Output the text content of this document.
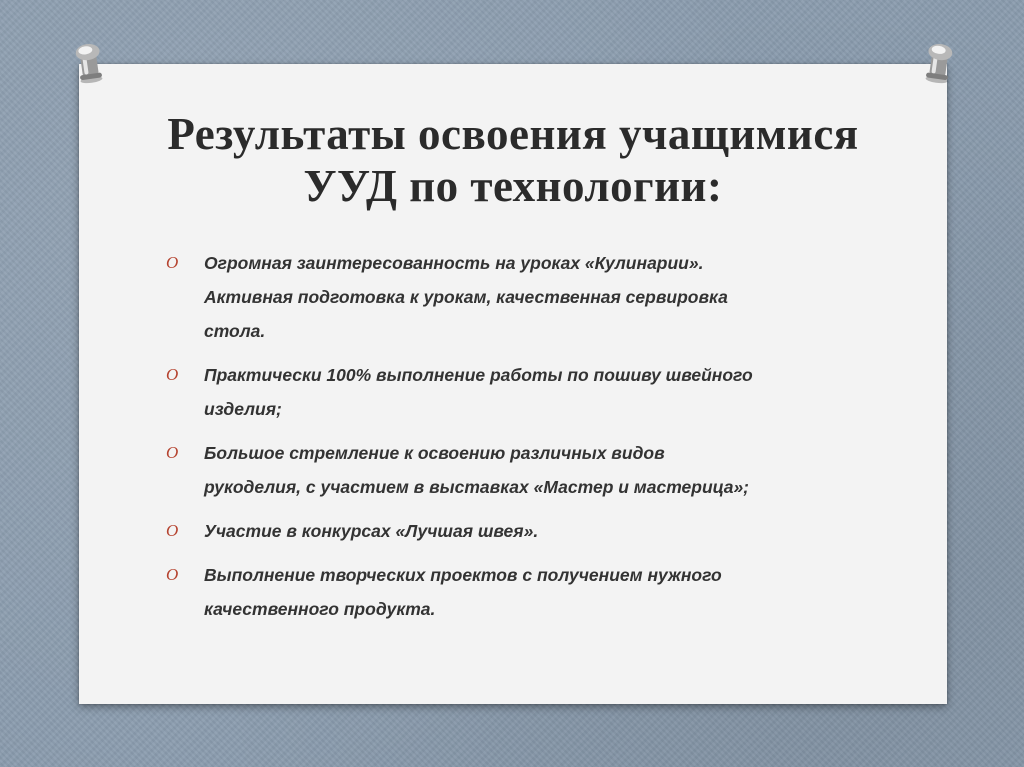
Результаты освоения учащимися
УУД по технологии:
O Огромная заинтересованность на уроках «Кулинарии».
Активная подготовка к урокам, качественная сервировка
стола.
O Практически 100% выполнение работы по пошиву швейного
изделия;
O Большое стремление к освоению различных видов
рукоделия, с участием в выставках «Мастер и мастерица»;
O Участие в конкурсах «Лучшая швея».
O Выполнение творческих проектов с получением нужного
качественного продукта.
